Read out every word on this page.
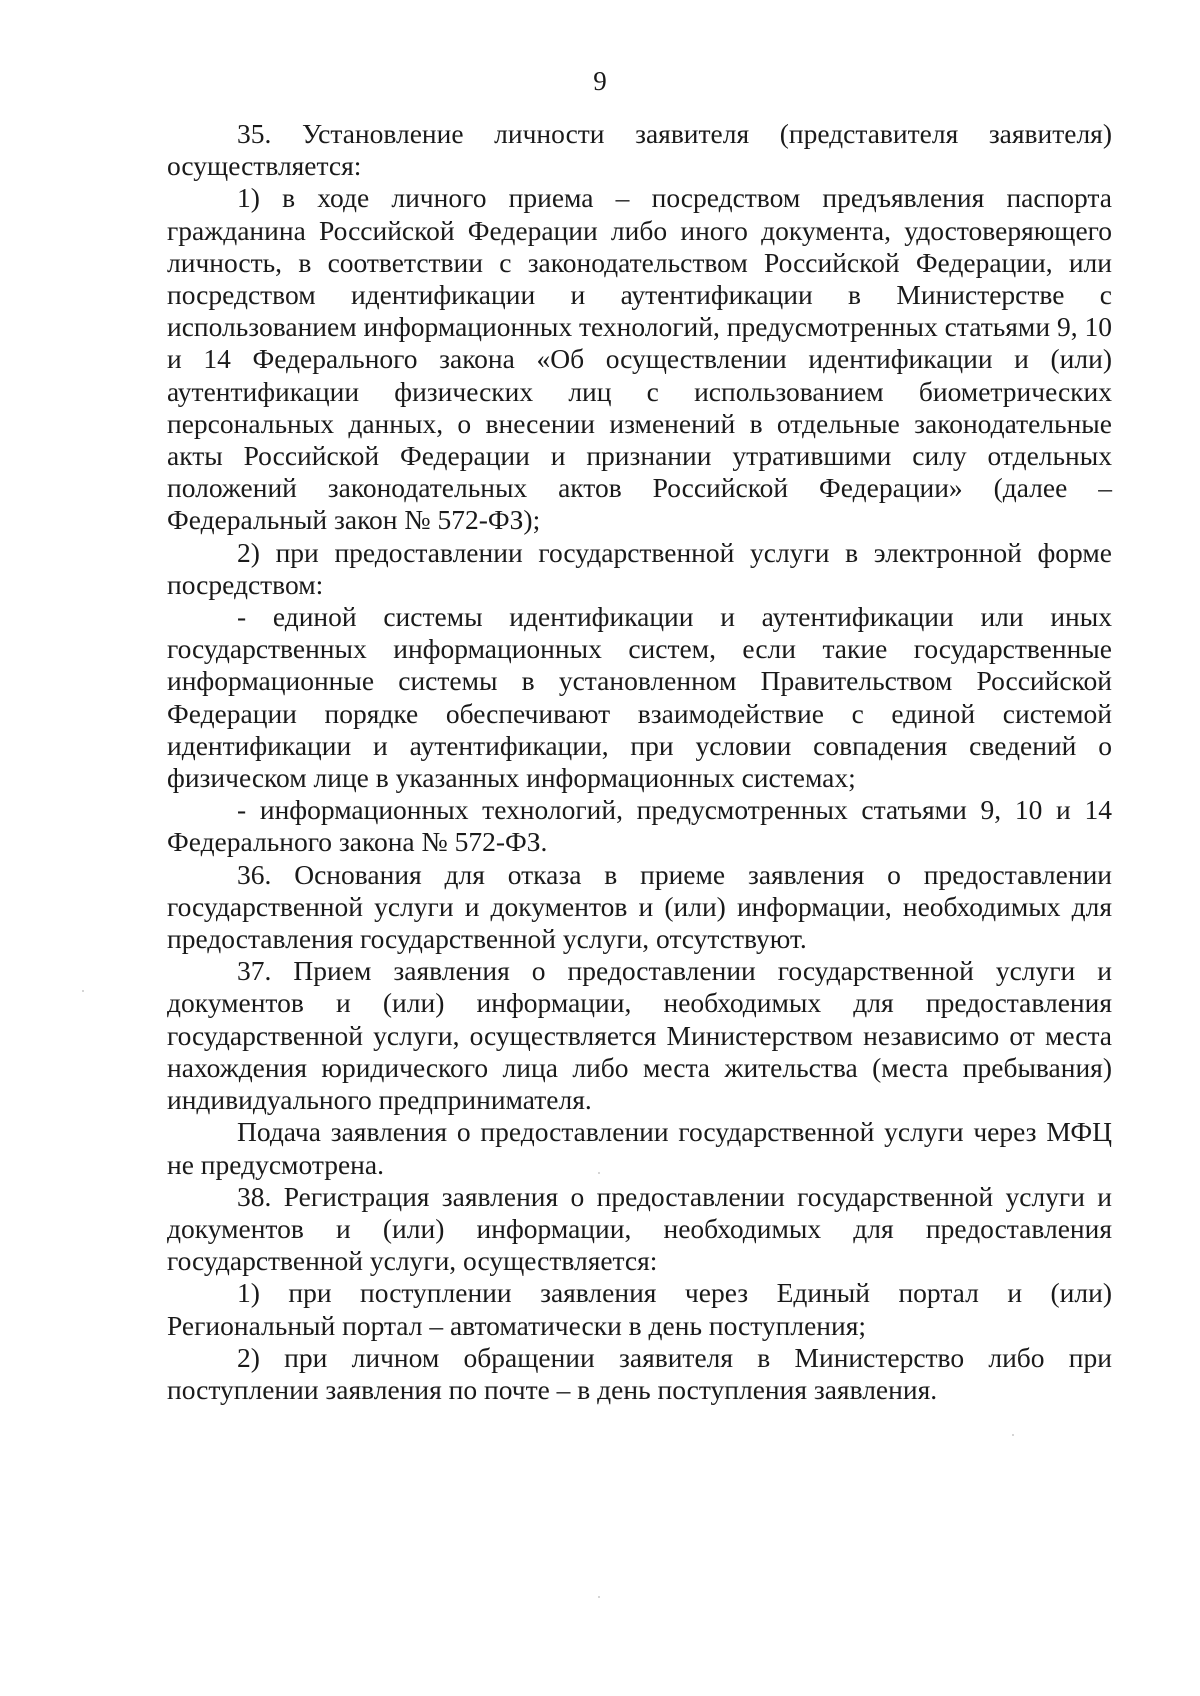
9

35. Установление личности заявителя (представителя заявителя) осуществляется:

1) в ходе личного приема – посредством предъявления паспорта гражданина Российской Федерации либо иного документа, удостоверяющего личность, в соответствии с законодательством Российской Федерации, или посредством идентификации и аутентификации в Министерстве с использованием информационных технологий, предусмотренных статьями 9, 10 и 14 Федерального закона «Об осуществлении идентификации и (или) аутентификации физических лиц с использованием биометрических персональных данных, о внесении изменений в отдельные законодательные акты Российской Федерации и признании утратившими силу отдельных положений законодательных актов Российской Федерации» (далее – Федеральный закон № 572-ФЗ);

2) при предоставлении государственной услуги в электронной форме посредством:

- единой системы идентификации и аутентификации или иных государственных информационных систем, если такие государственные информационные системы в установленном Правительством Российской Федерации порядке обеспечивают взаимодействие с единой системой идентификации и аутентификации, при условии совпадения сведений о физическом лице в указанных информационных системах;

- информационных технологий, предусмотренных статьями 9, 10 и 14 Федерального закона № 572-ФЗ.

36. Основания для отказа в приеме заявления о предоставлении государственной услуги и документов и (или) информации, необходимых для предоставления государственной услуги, отсутствуют.

37. Прием заявления о предоставлении государственной услуги и документов и (или) информации, необходимых для предоставления государственной услуги, осуществляется Министерством независимо от места нахождения юридического лица либо места жительства (места пребывания) индивидуального предпринимателя.

Подача заявления о предоставлении государственной услуги через МФЦ не предусмотрена.

38. Регистрация заявления о предоставлении государственной услуги и документов и (или) информации, необходимых для предоставления государственной услуги, осуществляется:

1) при поступлении заявления через Единый портал и (или) Региональный портал – автоматически в день поступления;

2) при личном обращении заявителя в Министерство либо при поступлении заявления по почте – в день поступления заявления.
